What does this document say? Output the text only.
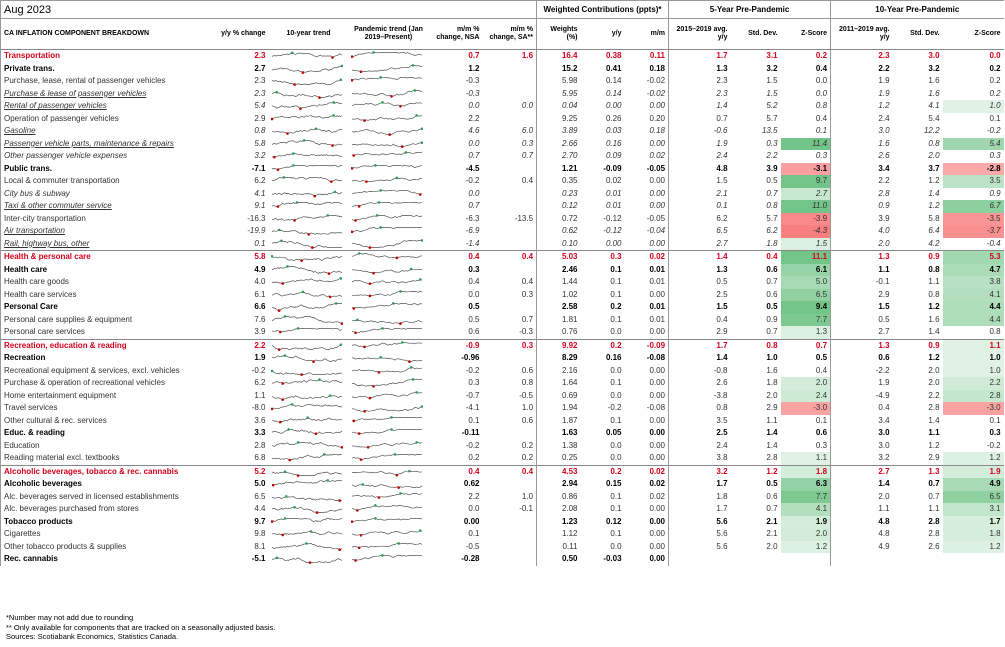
Aug 2023						Weighted Contributions (ppts)*			5-Year Pre-Pandemic			10-Year Pre-Pandemic		
CA INFLATION COMPONENT BREAKDOWN	y/y % change	10-year trend	Pandemic trend (Jan 2019–Present)	m/m % change, NSA	m/m % change, SA**	Weights (%)	y/y	m/m	2015–2019 avg. y/y	Std. Dev.	Z-Score	2011–2019 avg. y/y	Std. Dev.	Z-Score
Transportation	2.3			0.7	1.6	16.4	0.38	0.11	1.7	3.1	0.2	2.3	3.0	0.0
Private trans.	2.7			1.2		15.2	0.41	0.18	1.3	3.2	0.4	2.2	3.2	0.2
Purchase, lease, rental of passenger vehicles	2.3			-0.3		5.98	0.14	-0.02	2.3	1.5	0.0	1.9	1.6	0.2
Purchase & lease of passenger vehicles	2.3			-0.3		5.95	0.14	-0.02	2.3	1.5	0.0	1.9	1.6	0.2
Rental of passenger vehicles	5.4			0.0	0.0	0.04	0.00	0.00	1.4	5.2	0.8	1.2	4.1	1.0
Operation of passenger vehicles	2.9			2.2		9.25	0.26	0.20	0.7	5.7	0.4	2.4	5.4	0.1
Gasoline	0.8			4.6	6.0	3.89	0.03	0.18	-0.6	13.5	0.1	3.0	12.2	-0.2
Passenger vehicle parts, maintenance & repairs	5.8			0.0	0.3	2.66	0.16	0.00	1.9	0.3	11.4	1.6	0.8	5.4
Other passenger vehicle expenses	3.2			0.7	0.7	2.70	0.09	0.02	2.4	2.2	0.3	2.6	2.0	0.3
Public trans.	-7.1			-4.5		1.21	-0.09	-0.05	4.8	3.9	-3.1	3.4	3.7	-2.8
Local & commuter transportation	6.2			-0.2	0.4	0.35	0.02	0.00	1.5	0.5	9.7	2.2	1.2	3.5
City bus & subway	4.1			0.0		0.23	0.01	0.00	2.1	0.7	2.7	2.8	1.4	0.9
Taxi & other commuter service	9.1			0.7		0.12	0.01	0.00	0.1	0.8	11.0	0.9	1.2	6.7
Inter-city transportation	-16.3			-6.3	-13.5	0.72	-0.12	-0.05	6.2	5.7	-3.9	3.9	5.8	-3.5
Air transportation	-19.9			-6.9		0.62	-0.12	-0.04	6.5	6.2	-4.3	4.0	6.4	-3.7
Rail, highway bus, other	0.1			-1.4		0.10	0.00	0.00	2.7	1.8	1.5	2.0	4.2	-0.4
Health & personal care	5.8			0.4	0.4	5.03	0.3	0.02	1.4	0.4	11.1	1.3	0.9	5.3
Health care	4.9			0.3		2.46	0.1	0.01	1.3	0.6	6.1	1.1	0.8	4.7
Health care goods	4.0			0.4	0.4	1.44	0.1	0.01	0.5	0.7	5.0	-0.1	1.1	3.8
Health care services	6.1			0.0	0.3	1.02	0.1	0.00	2.5	0.6	6.5	2.9	0.8	4.1
Personal Care	6.6			0.5		2.58	0.2	0.01	1.5	0.5	9.4	1.5	1.2	4.4
Personal care supplies & equipment	7.6			0.5	0.7	1.81	0.1	0.01	0.4	0.9	7.7	0.5	1.6	4.4
Personal care services	3.9			0.6	-0.3	0.76	0.0	0.00	2.9	0.7	1.3	2.7	1.4	0.8
Recreation, education & reading	2.2			-0.9	0.3	9.92	0.2	-0.09	1.7	0.8	0.7	1.3	0.9	1.1
Recreation	1.9			-0.96		8.29	0.16	-0.08	1.4	1.0	0.5	0.6	1.2	1.0
Recreational equipment & services, excl. vehicles	-0.2			-0.2	0.6	2.16	0.0	0.00	-0.8	1.6	0.4	-2.2	2.0	1.0
Purchase & operation of recreational vehicles	6.2			0.3	0.8	1.64	0.1	0.00	2.6	1.8	2.0	1.9	2.0	2.2
Home entertainment equipment	1.1			-0.7	-0.5	0.69	0.0	0.00	-3.8	2.0	2.4	-4.9	2.2	2.8
Travel services	-8.0			-4.1	1.0	1.94	-0.2	-0.08	0.8	2.9	-3.0	0.4	2.8	-3.0
Other cultural & rec. services	3.6			0.1	0.6	1.87	0.1	0.00	3.5	1.1	0.1	3.4	1.4	0.1
Educ. & reading	3.3			-0.11		1.63	0.05	0.00	2.5	1.4	0.6	3.0	1.1	0.3
Education	2.8			-0.2	0.2	1.38	0.0	0.00	2.4	1.4	0.3	3.0	1.2	-0.2
Reading material excl. textbooks	6.8			0.2	0.2	0.25	0.0	0.00	3.8	2.8	1.1	3.2	2.9	1.2
Alcoholic beverages, tobacco & rec. cannabis	5.2			0.4	0.4	4.53	0.2	0.02	3.2	1.2	1.8	2.7	1.3	1.9
Alcoholic beverages	5.0			0.62		2.94	0.15	0.02	1.7	0.5	6.3	1.4	0.7	4.9
Alc. beverages served in licensed establishments	6.5			2.2	1.0	0.86	0.1	0.02	1.8	0.6	7.7	2.0	0.7	6.5
Alc. beverages purchased from stores	4.4			0.0	-0.1	2.08	0.1	0.00	1.7	0.7	4.1	1.1	1.1	3.1
Tobacco products	9.7			0.00		1.23	0.12	0.00	5.6	2.1	1.9	4.8	2.8	1.7
Cigarettes	9.8			0.1		1.12	0.1	0.00	5.6	2.1	2.0	4.8	2.8	1.8
Other tobacco products & supplies	8.1			-0.5		0.11	0.0	0.00	5.6	2.0	1.2	4.9	2.6	1.2
Rec. cannabis	-5.1			-0.28		0.50	-0.03	0.00						
*Number may not add due to rounding
** Only available for components that are tracked on a seasonally adjusted basis.
Sources: Scotiabank Economics, Statistics Canada.
